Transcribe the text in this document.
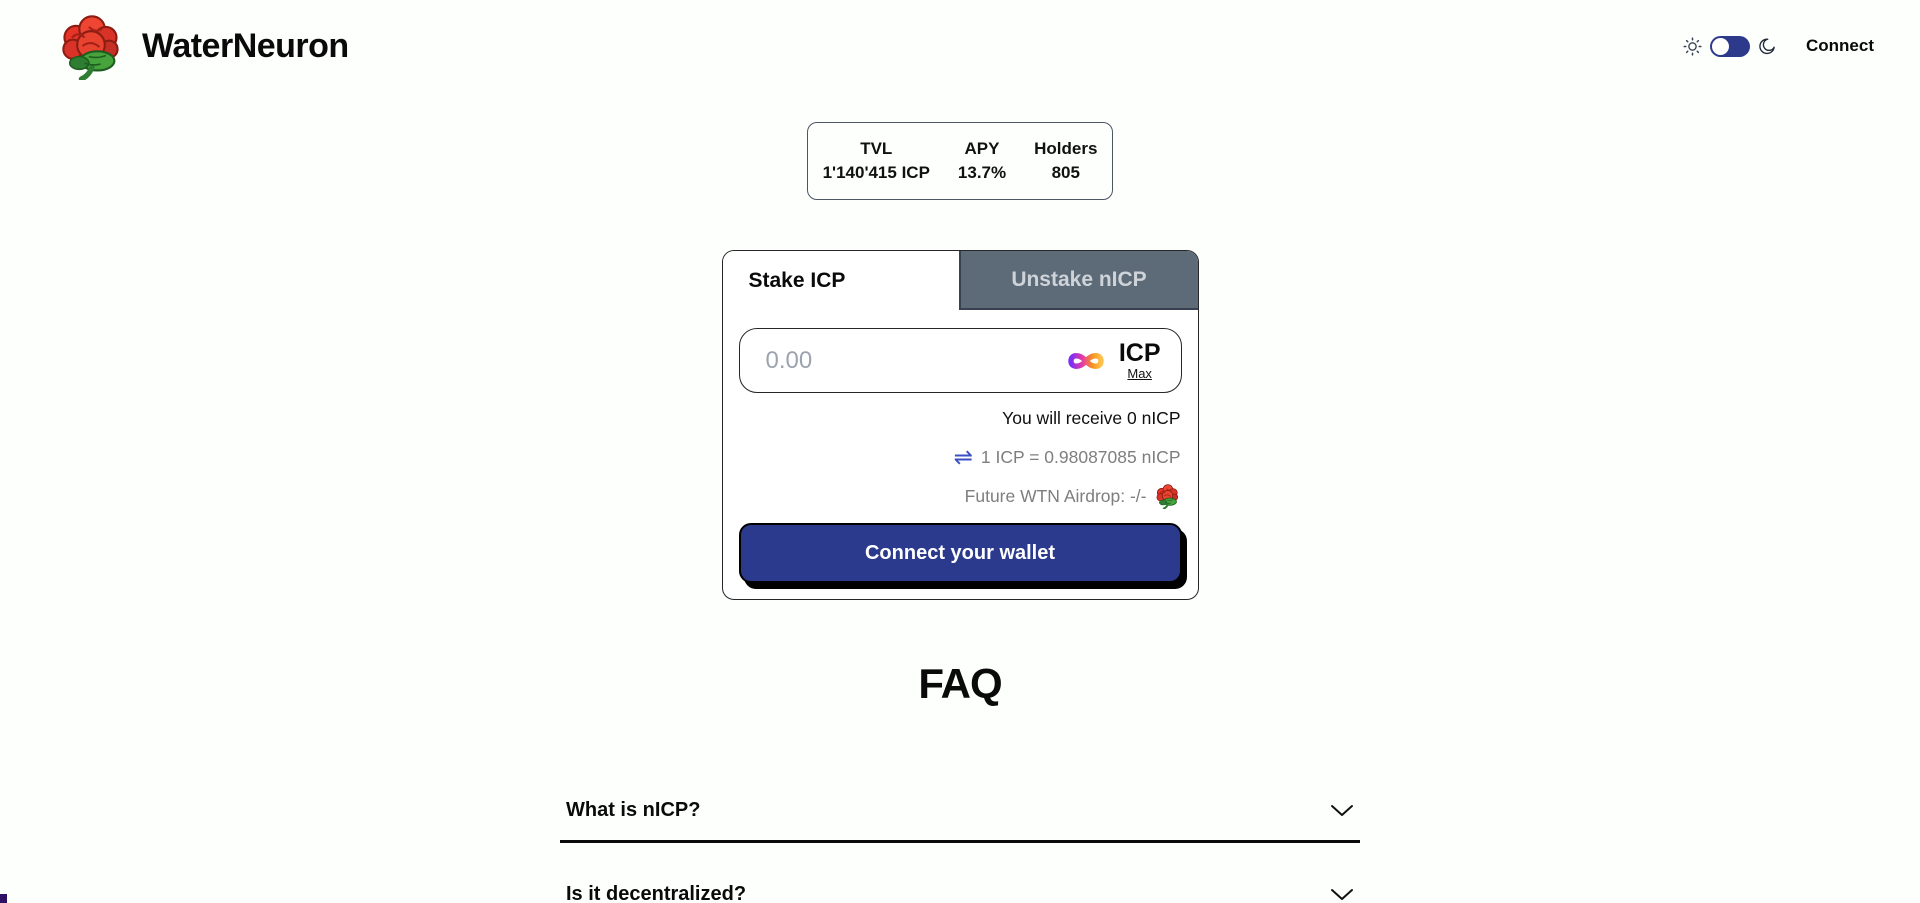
WaterNeuron	Connect
TVL
1'140'415 ICP
APY
13.7%
Holders
805
Stake ICP	Unstake nICP
0.00
ICP
Max
You will receive 0 nICP
⇌ 1 ICP = 0.98087085 nICP
Future WTN Airdrop: -/-
Connect your wallet
FAQ
What is nICP?
Is it decentralized?
